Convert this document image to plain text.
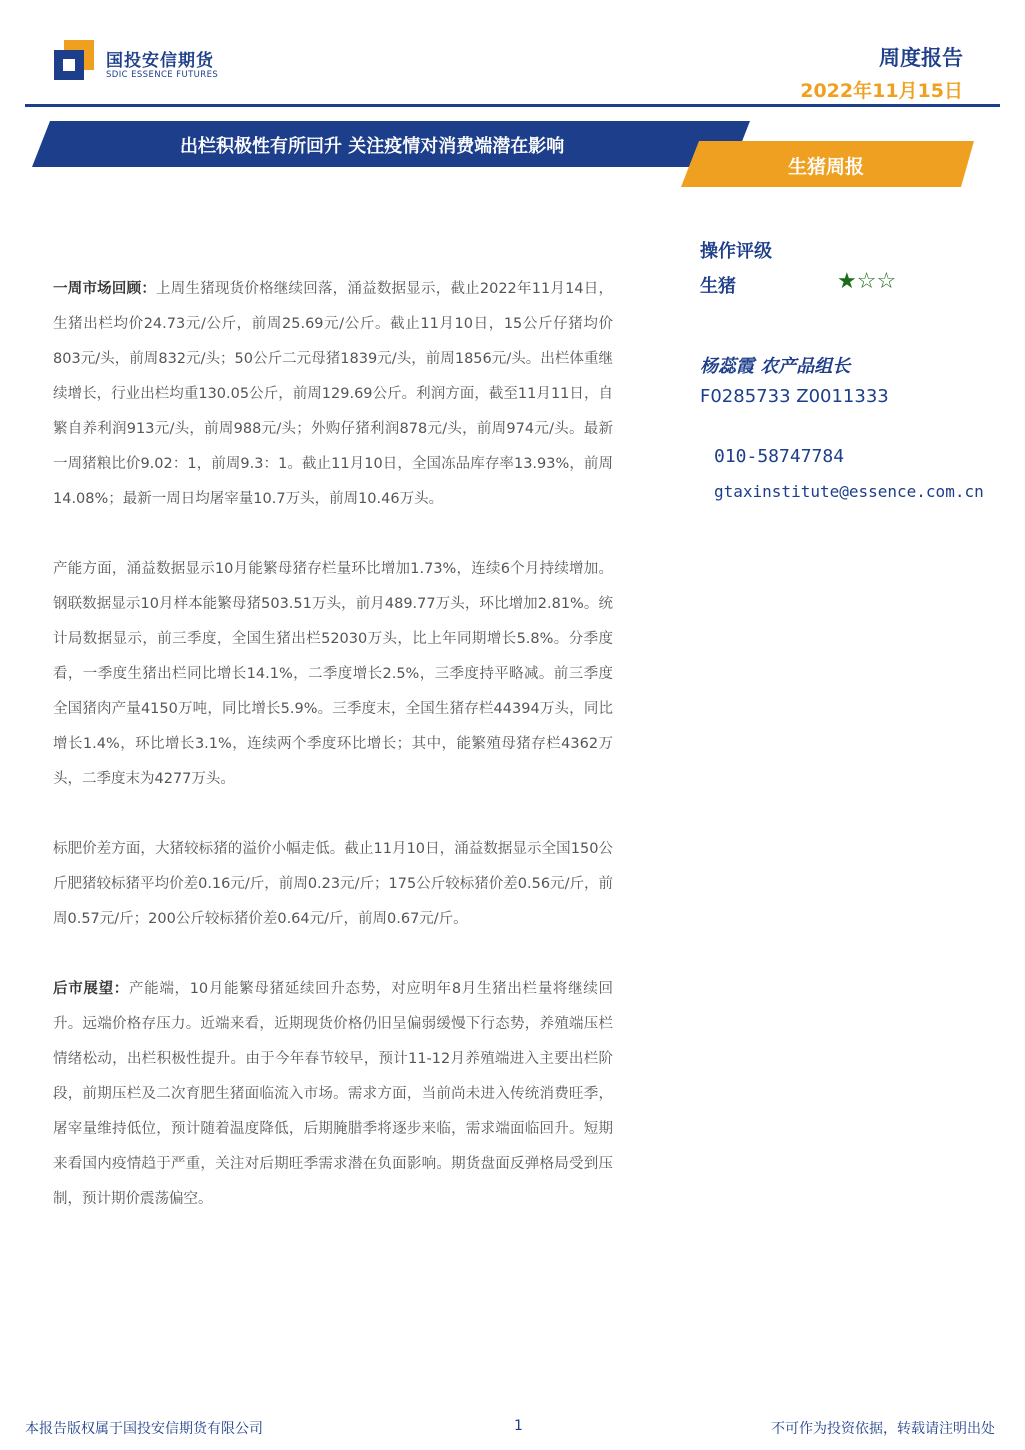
国投安信期货
SDIC ESSENCE FUTURES
周度报告
2022年11月15日
出栏积极性有所回升 关注疫情对消费端潜在影响
生猪周报

一周市场回顾：上周生猪现货价格继续回落，涌益数据显示，截止2022年11月14日，生猪出栏均价24.73元/公斤，前周25.69元/公斤。截止11月10日，15公斤仔猪均价803元/头，前周832元/头；50公斤二元母猪1839元/头，前周1856元/头。出栏体重继续增长，行业出栏均重130.05公斤，前周129.69公斤。利润方面，截至11月11日，自繁自养利润913元/头，前周988元/头；外购仔猪利润878元/头，前周974元/头。最新一周猪粮比价9.02：1，前周9.3：1。截止11月10日，全国冻品库存率13.93%，前周14.08%；最新一周日均屠宰量10.7万头，前周10.46万头。

产能方面，涌益数据显示10月能繁母猪存栏量环比增加1.73%，连续6个月持续增加。钢联数据显示10月样本能繁母猪503.51万头，前月489.77万头，环比增加2.81%。统计局数据显示，前三季度，全国生猪出栏52030万头，比上年同期增长5.8%。分季度看，一季度生猪出栏同比增长14.1%，二季度增长2.5%，三季度持平略减。前三季度全国猪肉产量4150万吨，同比增长5.9%。三季度末，全国生猪存栏44394万头，同比增长1.4%，环比增长3.1%，连续两个季度环比增长；其中，能繁殖母猪存栏4362万头，二季度末为4277万头。

标肥价差方面，大猪较标猪的溢价小幅走低。截止11月10日，涌益数据显示全国150公斤肥猪较标猪平均价差0.16元/斤，前周0.23元/斤；175公斤较标猪价差0.56元/斤，前周0.57元/斤；200公斤较标猪价差0.64元/斤，前周0.67元/斤。

后市展望：产能端，10月能繁母猪延续回升态势，对应明年8月生猪出栏量将继续回升。远端价格存压力。近端来看，近期现货价格仍旧呈偏弱缓慢下行态势，养殖端压栏情绪松动，出栏积极性提升。由于今年春节较早，预计11-12月养殖端进入主要出栏阶段，前期压栏及二次育肥生猪面临流入市场。需求方面，当前尚未进入传统消费旺季，屠宰量维持低位，预计随着温度降低，后期腌腊季将逐步来临，需求端面临回升。短期来看国内疫情趋于严重，关注对后期旺季需求潜在负面影响。期货盘面反弹格局受到压制，预计期价震荡偏空。

操作评级
生猪	★☆☆
杨蕊霞 农产品组长
F0285733 Z0011333
010-58747784
gtaxinstitute@essence.com.cn
本报告版权属于国投安信期货有限公司	1	不可作为投资依据，转载请注明出处
